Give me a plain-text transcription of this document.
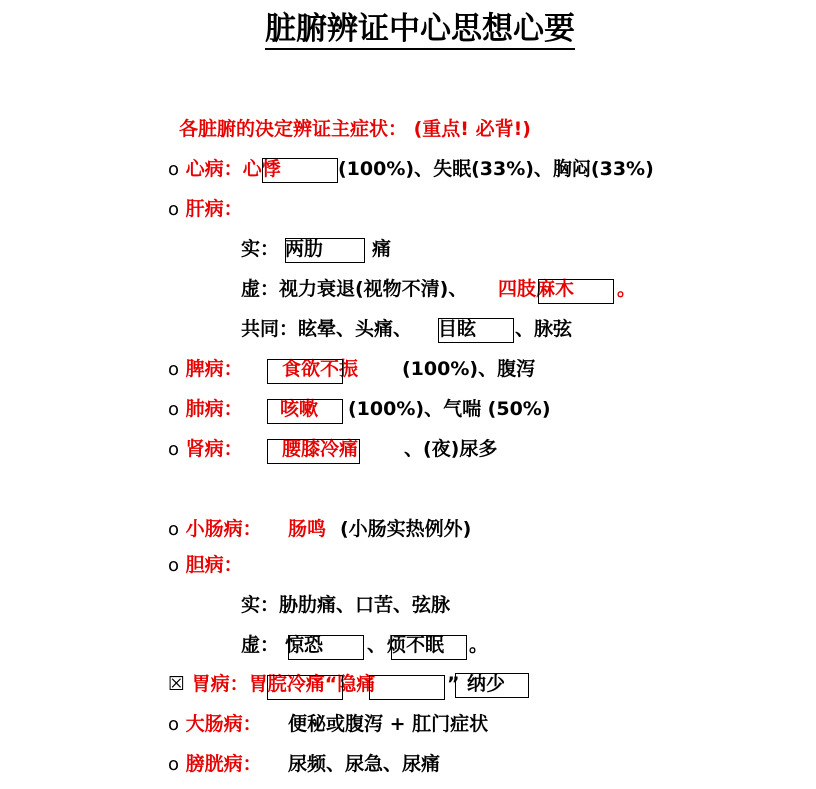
脏腑辨证中心思想心要
各脏腑的决定辨证主症状： (重点! 必背!)
o 心病：心悸	(100%)、失眠(33%)、胸闷(33%)
o 肝病：
实： 两肋	痛
虚：视力衰退(视物不清)、 四肢麻木 。
共同：眩晕、头痛、 目眩 、脉弦
o 脾病： 食欲不振 (100%)、腹泻
o 肺病： 咳嗽 (100%)、气喘 (50%)
o 肾病： 腰膝冷痛 、(夜)尿多
o 小肠病： 肠鸣 (小肠实热例外)
o 胆病：
实：胁肋痛、口苦、弦脉
虚： 惊恐 、 烦不眠 。
☒ 胃病：胃脘冷痛“隐痛	” 纳少
o 大肠病： 便秘或腹泻 + 肛门症状
o 膀胱病： 尿频、尿急、尿痛
